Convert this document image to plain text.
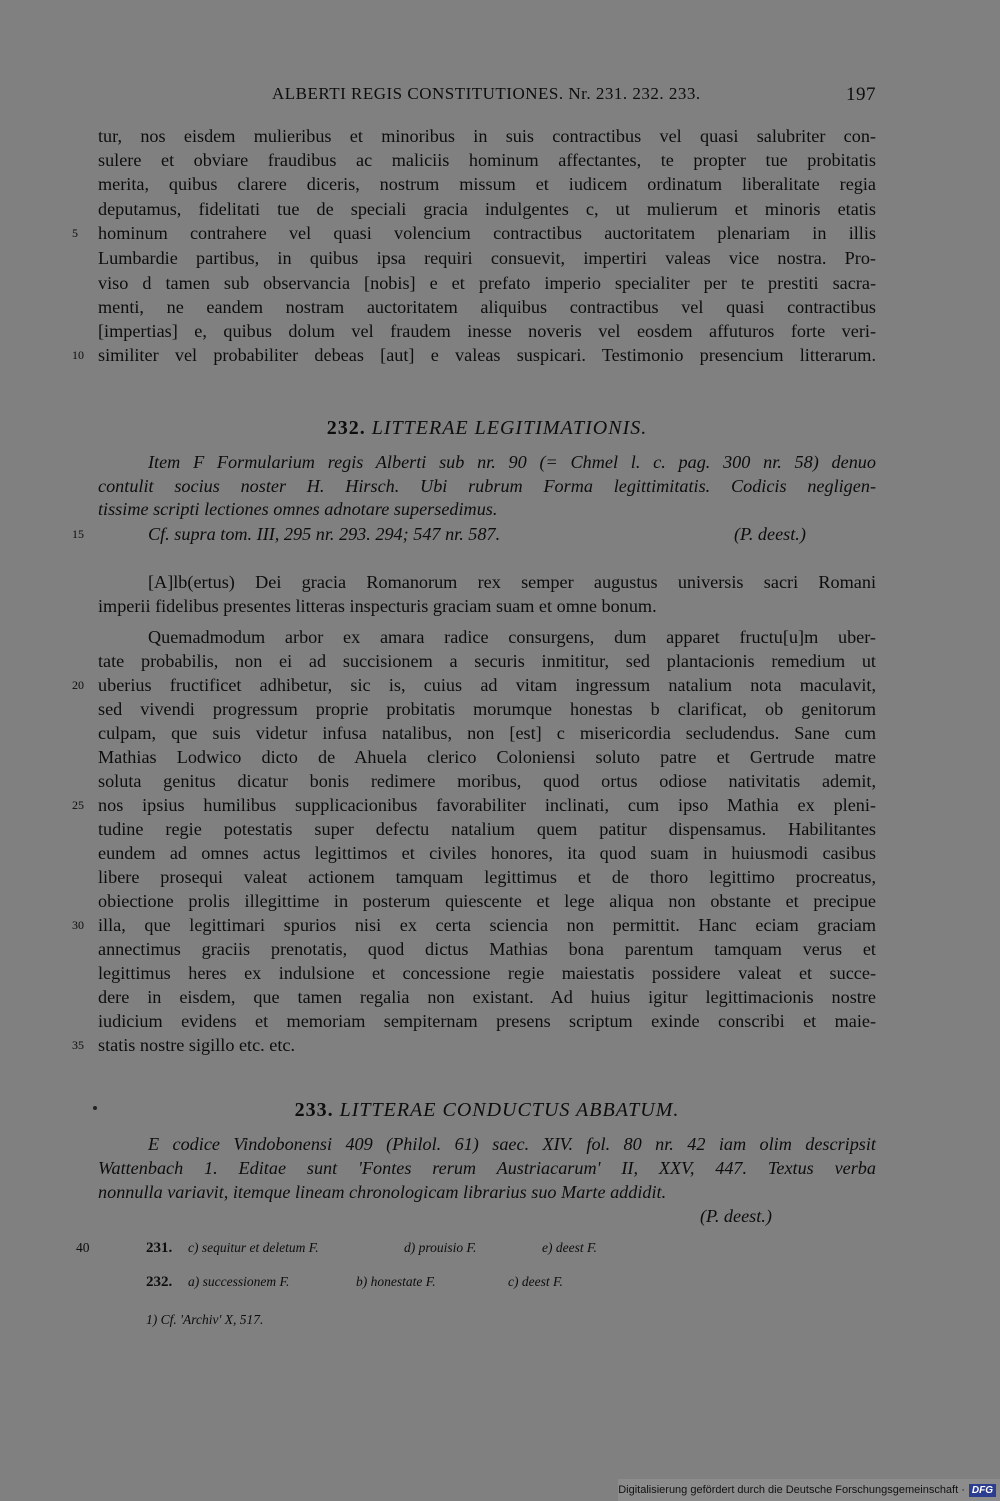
ALBERTI REGIS CONSTITUTIONES. Nr. 231. 232. 233.	197
tur, nos eisdem mulieribus et minoribus in suis contractibus vel quasi salubriter con-
sulere et obviare fraudibus ac maliciis hominum affectantes, te propter tue probitatis
merita, quibus clarere diceris, nostrum missum et iudicem ordinatum liberalitate regia
deputamus, fidelitati tue de speciali gracia indulgentes c, ut mulierum et minoris etatis
5	hominum contrahere vel quasi volencium contractibus auctoritatem plenariam in illis
Lumbardie partibus, in quibus ipsa requiri consuevit, impertiri valeas vice nostra. Pro-
viso d tamen sub observancia [nobis] e et prefato imperio specialiter per te prestiti sacra-
menti, ne eandem nostram auctoritatem aliquibus contractibus vel quasi contractibus
[impertias] e, quibus dolum vel fraudem inesse noveris vel eosdem affuturos forte veri-
10 similiter vel probabiliter debeas [aut] e valeas suspicari. Testimonio presencium litterarum.
232. LITTERAE LEGITIMATIONIS.
Item F Formularium regis Alberti sub nr. 90 (= Chmel l. c. pag. 300 nr. 58) denuo
contulit socius noster H. Hirsch. Ubi rubrum Forma legittimitatis. Codicis negligen-
tissime scripti lectiones omnes adnotare supersedimus.
15	Cf. supra tom. III, 295 nr. 293. 294; 547 nr. 587.	(P. deest.)
[A]lb(ertus) Dei gracia Romanorum rex semper augustus universis sacri Romani
imperii fidelibus presentes litteras inspecturis graciam suam et omne bonum.
Quemadmodum arbor ex amara radice consurgens, dum apparet fructu[u]m uber-
tate probabilis, non ei ad succisionem a securis inmititur, sed plantacionis remedium ut
20 uberius fructificet adhibetur, sic is, cuius ad vitam ingressum natalium nota maculavit,
sed vivendi progressum proprie probitatis morumque honestas b clarificat, ob genitorum
culpam, que suis videtur infusa natalibus, non [est] c misericordia secludendus. Sane cum
Mathias Lodwico dicto de Ahuela clerico Coloniensi soluto patre et Gertrude matre
soluta genitus dicatur bonis redimere moribus, quod ortus odiose nativitatis ademit,
25 nos ipsius humilibus supplicacionibus favorabiliter inclinati, cum ipso Mathia ex pleni-
tudine regie potestatis super defectu natalium quem patitur dispensamus. Habilitantes
eundem ad omnes actus legittimos et civiles honores, ita quod suam in huiusmodi casibus
libere prosequi valeat actionem tamquam legittimus et de thoro legittimo procreatus,
obiectione prolis illegittime in posterum quiescente et lege aliqua non obstante et precipue
30 illa, que legittimari spurios nisi ex certa sciencia non permittit. Hanc eciam graciam
annectimus graciis prenotatis, quod dictus Mathias bona parentum tamquam verus et
legittimus heres ex indulsione et concessione regie maiestatis possidere valeat et succe-
dere in eisdem, que tamen regalia non existant. Ad huius igitur legittimacionis nostre
iudicium evidens et memoriam sempiternam presens scriptum exinde conscribi et maie-
35 statis nostre sigillo etc. etc.
233. LITTERAE CONDUCTUS ABBATUM.
E codice Vindobonensi 409 (Philol. 61) saec. XIV. fol. 80 nr. 42 iam olim descripsit
Wattenbach 1. Editae sunt 'Fontes rerum Austriacarum' II, XXV, 447. Textus verba
nonnulla variavit, itemque lineam chronologicam librarius suo Marte addidit.
(P. deest.)
40	231. c) sequitur et deletum F.	d) prouisio F.	e) deest F.
232. a) successionem F.	b) honestate F.	c) deest F.
1) Cf. 'Archiv' X, 517.
Digitalisierung gefördert durch die Deutsche Forschungsgemeinschaft · DFG
